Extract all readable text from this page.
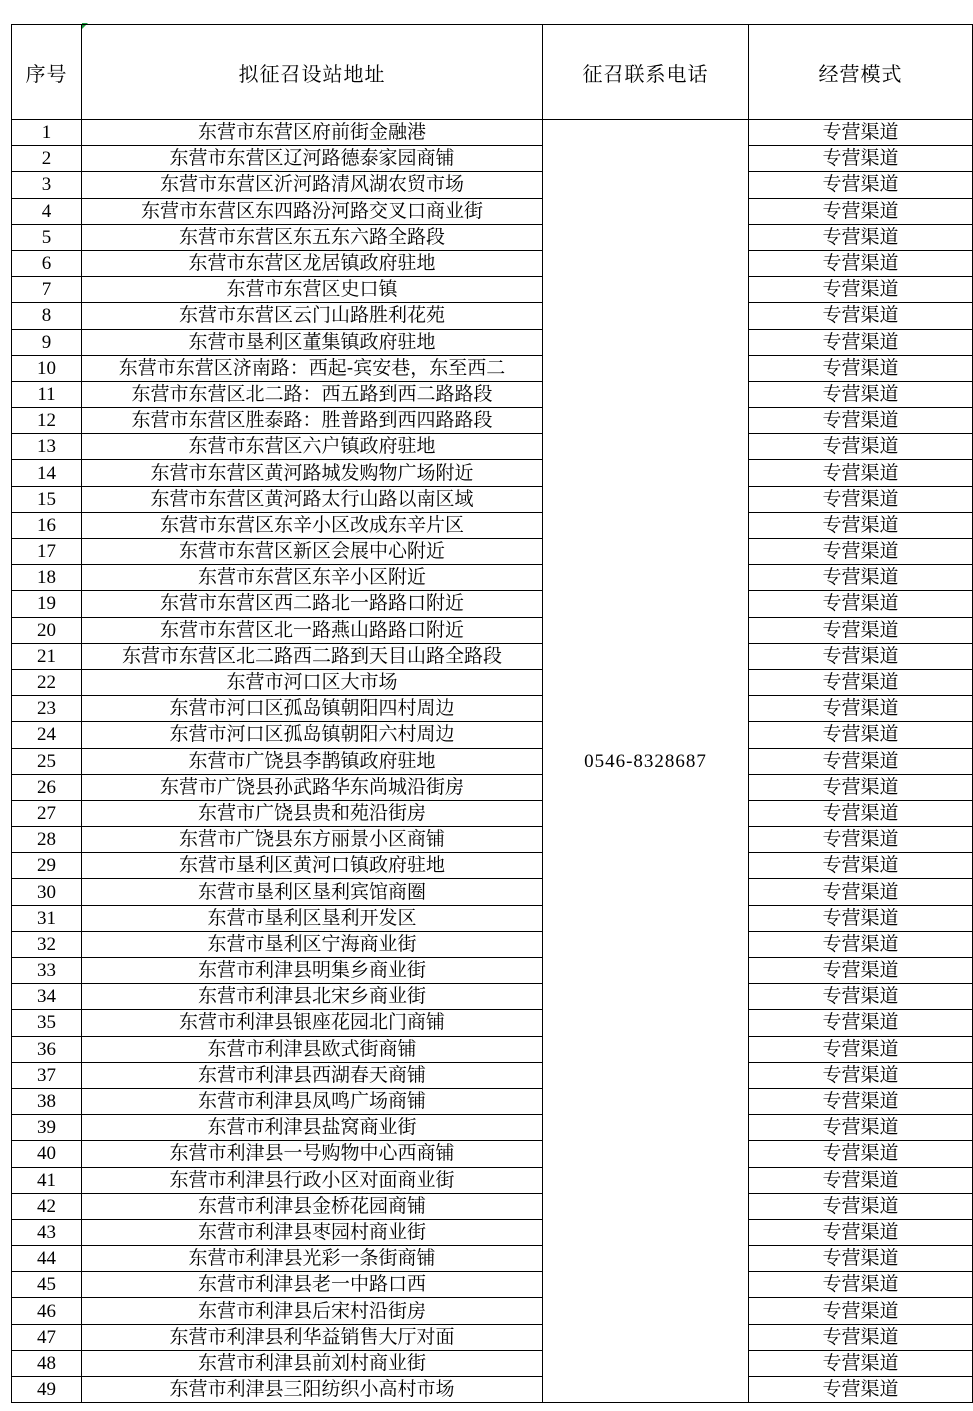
序号	拟征召设站地址	征召联系电话	经营模式	
1	东营市东营区府前街金融港	0546-8328687	专营渠道	
2	东营市东营区辽河路德泰家园商铺		专营渠道	
3	东营市东营区沂河路清风湖农贸市场		专营渠道	
4	东营市东营区东四路汾河路交叉口商业街		专营渠道	
5	东营市东营区东五东六路全路段		专营渠道	
6	东营市东营区龙居镇政府驻地		专营渠道	
7	东营市东营区史口镇		专营渠道	
8	东营市东营区云门山路胜利花苑		专营渠道	
9	东营市垦利区董集镇政府驻地		专营渠道	
10	东营市东营区济南路：西起-宾安巷，东至西二		专营渠道	
11	东营市东营区北二路：西五路到西二路路段		专营渠道	
12	东营市东营区胜泰路：胜普路到西四路路段		专营渠道	
13	东营市东营区六户镇政府驻地		专营渠道	
14	东营市东营区黄河路城发购物广场附近		专营渠道	
15	东营市东营区黄河路太行山路以南区域		专营渠道	
16	东营市东营区东辛小区改成东辛片区		专营渠道	
17	东营市东营区新区会展中心附近		专营渠道	
18	东营市东营区东辛小区附近		专营渠道	
19	东营市东营区西二路北一路路口附近		专营渠道	
20	东营市东营区北一路燕山路路口附近		专营渠道	
21	东营市东营区北二路西二路到天目山路全路段		专营渠道	
22	东营市河口区大市场		专营渠道	
23	东营市河口区孤岛镇朝阳四村周边		专营渠道	
24	东营市河口区孤岛镇朝阳六村周边		专营渠道	
25	东营市广饶县李鹊镇政府驻地		专营渠道	
26	东营市广饶县孙武路华东尚城沿街房		专营渠道	
27	东营市广饶县贵和苑沿街房		专营渠道	
28	东营市广饶县东方丽景小区商铺		专营渠道	
29	东营市垦利区黄河口镇政府驻地		专营渠道	
30	东营市垦利区垦利宾馆商圈		专营渠道	
31	东营市垦利区垦利开发区		专营渠道	
32	东营市垦利区宁海商业街		专营渠道	
33	东营市利津县明集乡商业街		专营渠道	
34	东营市利津县北宋乡商业街		专营渠道	
35	东营市利津县银座花园北门商铺		专营渠道	
36	东营市利津县欧式街商铺		专营渠道	
37	东营市利津县西湖春天商铺		专营渠道	
38	东营市利津县凤鸣广场商铺		专营渠道	
39	东营市利津县盐窝商业街		专营渠道	
40	东营市利津县一号购物中心西商铺		专营渠道	
41	东营市利津县行政小区对面商业街		专营渠道	
42	东营市利津县金桥花园商铺		专营渠道	
43	东营市利津县枣园村商业街		专营渠道	
44	东营市利津县光彩一条街商铺		专营渠道	
45	东营市利津县老一中路口西		专营渠道	
46	东营市利津县后宋村沿街房		专营渠道	
47	东营市利津县利华益销售大厅对面		专营渠道	
48	东营市利津县前刘村商业街		专营渠道	
49	东营市利津县三阳纺织小高村市场		专营渠道	
